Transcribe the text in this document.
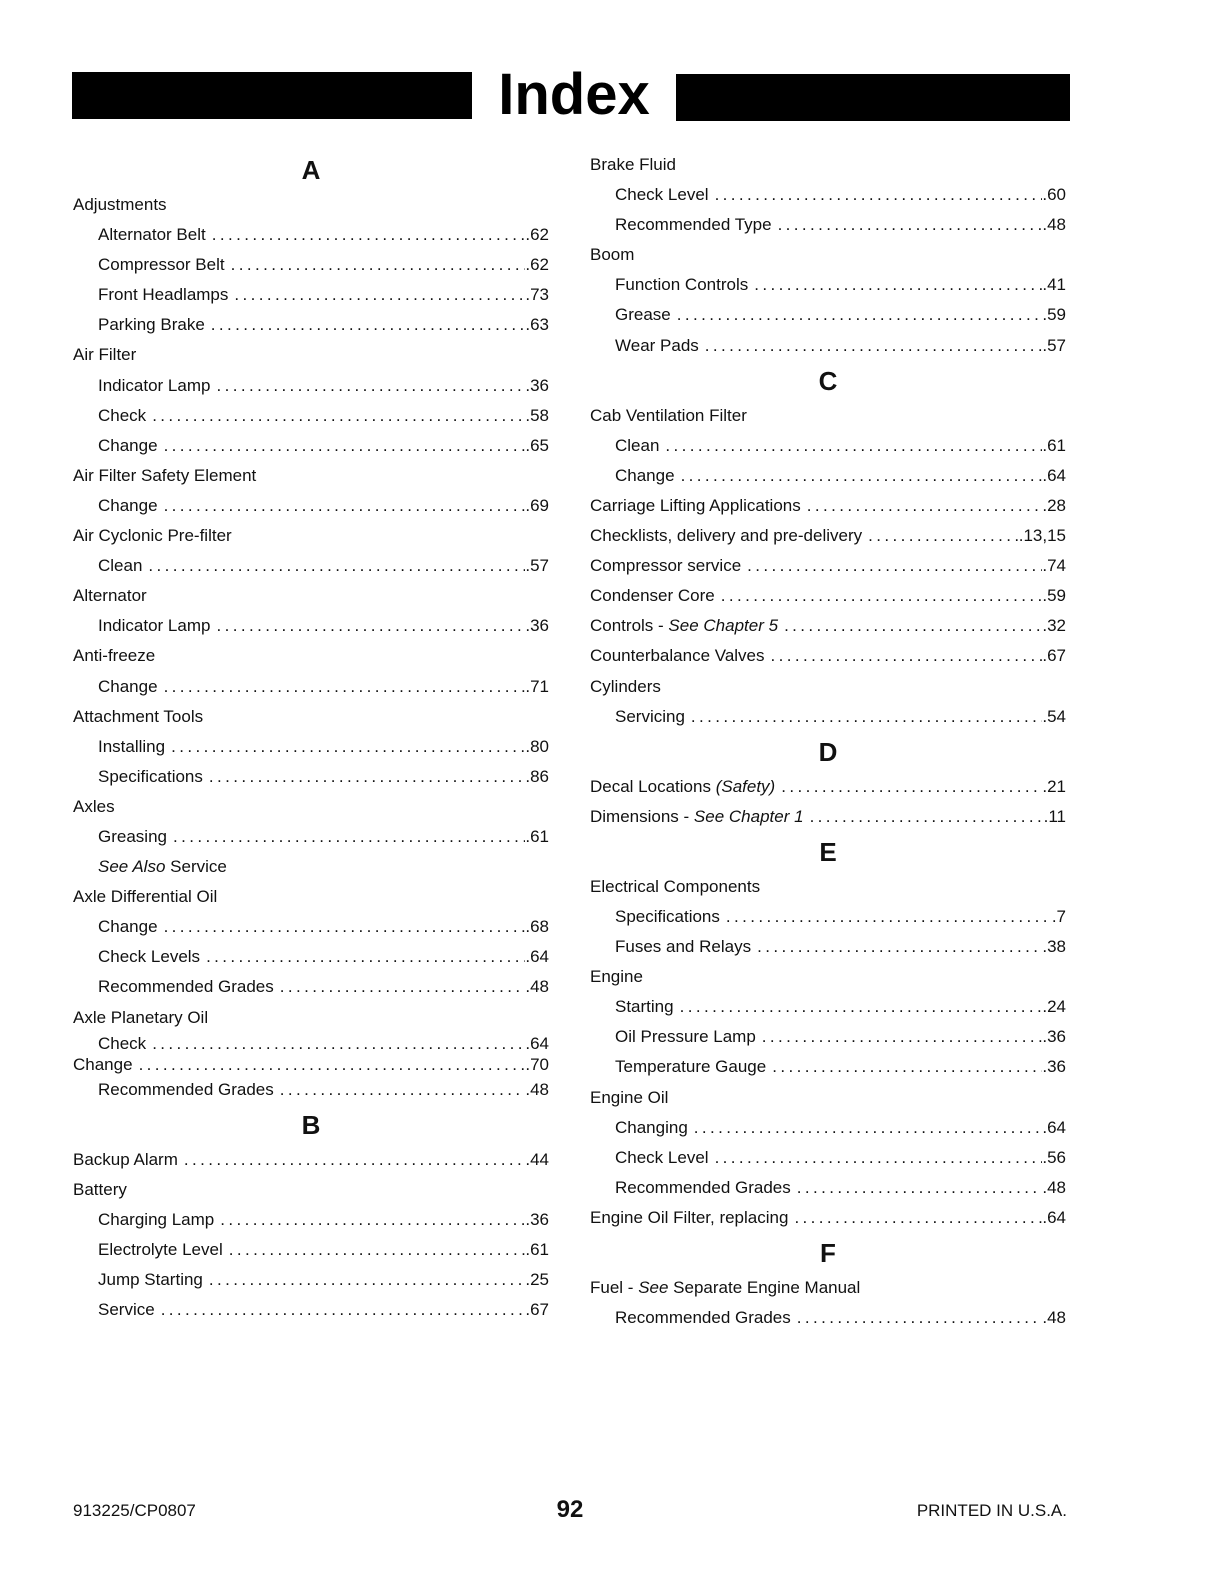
Index
A
Adjustments
Alternator Belt .....	.62
Compressor Belt .....	.62
Front Headlamps .....	.73
Parking Brake .....	.63
Air Filter
Indicator Lamp .....	.36
Check .....	.58
Change .....	.65
Air Filter Safety Element
Change .....	.69
Air Cyclonic Pre-filter
Clean .....	.57
Alternator
Indicator Lamp .....	.36
Anti-freeze
Change .....	.71
Attachment Tools
Installing .....	.80
Specifications .....	.86
Axles
Greasing .....	.61
See Also Service
Axle Differential Oil
Change .....	.68
Check Levels .....	.64
Recommended Grades .....	.48
Axle Planetary Oil
Check .....	.64
Change .....	.70
Recommended Grades .....	.48
B
Backup Alarm .....	.44
Battery
Charging Lamp .....	.36
Electrolyte Level .....	.61
Jump Starting .....	.25
Service .....	.67
Brake Fluid
Check Level .....	.60
Recommended Type .....	.48
Boom
Function Controls .....	.41
Grease .....	.59
Wear Pads .....	.57
C
Cab Ventilation Filter
Clean .....	.61
Change .....	.64
Carriage Lifting Applications .....	.28
Checklists, delivery and pre-delivery .....	.13,15
Compressor service .....	.74
Condenser Core .....	.59
Controls - See Chapter 5 .....	.32
Counterbalance Valves .....	.67
Cylinders
Servicing .....	.54
D
Decal Locations (Safety) .....	.21
Dimensions - See Chapter 1 .....	.11
E
Electrical Components
Specifications .....	.7
Fuses and Relays .....	.38
Engine
Starting .....	.24
Oil Pressure Lamp .....	.36
Temperature Gauge .....	.36
Engine Oil
Changing .....	.64
Check Level .....	.56
Recommended Grades .....	.48
Engine Oil Filter, replacing .....	.64
F
Fuel - See Separate Engine Manual
Recommended Grades .....	.48
913225/CP0807	92	PRINTED IN U.S.A.
